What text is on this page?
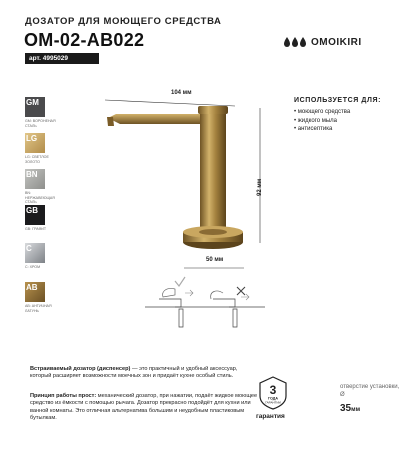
ДОЗАТОР ДЛЯ МОЮЩЕГО СРЕДСТВА
OM-02-AB022
арт. 4995029
OMOIKIRI
GM
GM: ВОРОНЕНАЯ СТАЛЬ
LG
LG: СВЕТЛОЕ ЗОЛОТО
BN
BN: НЕРЖАВЕЮЩАЯ СТАЛЬ
GB
GB: ГРАФИТ
C
C: ХРОМ
AB
AB: АНТИЧНАЯ ЛАТУНЬ
104 мм
92 мм
50 мм
ИСПОЛЬЗУЕТСЯ ДЛЯ:
• моющего средства
• жидкого мыла
• антисептика

Встраиваемый дозатор (диспенсер) — это практичный и удобный аксессуар, который расширяет возможности моечных зон и придаёт кухне особый стиль.

Принцип работы прост: механический дозатор, при нажатии, подаёт жидкое моющее средство из ёмкости с помощью рычага. Дозатор прекрасно подойдёт для кухни или ванной комнаты. Это отличная альтернатива большим и неудобным пластиковым бутылкам.

3
ГОДА
ГАРАНТИИ
гарантия
отверстие установки, Ø
35мм
